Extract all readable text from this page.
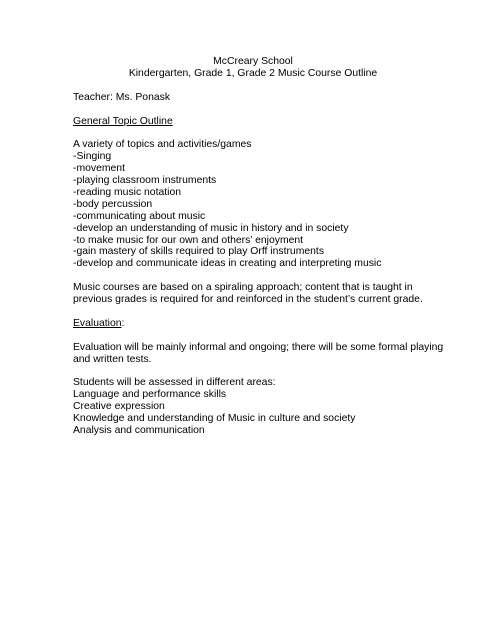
McCreary School
Kindergarten, Grade 1, Grade 2 Music Course Outline
Teacher: Ms. Ponask
General Topic Outline
A variety of topics and activities/games
-Singing
-movement
-playing classroom instruments
-reading music notation
-body percussion
-communicating about music
-develop an understanding of music in history and in society
-to make music for our own and others’ enjoyment
-gain mastery of skills required to play Orff instruments
-develop and communicate ideas in creating and interpreting music
Music courses are based on a spiraling approach; content that is taught in
previous grades is required for and reinforced in the student’s current grade.
Evaluation:
Evaluation will be mainly informal and ongoing; there will be some formal playing
and written tests.
Students will be assessed in different areas:
Language and performance skills
Creative expression
Knowledge and understanding of Music in culture and society
Analysis and communication
